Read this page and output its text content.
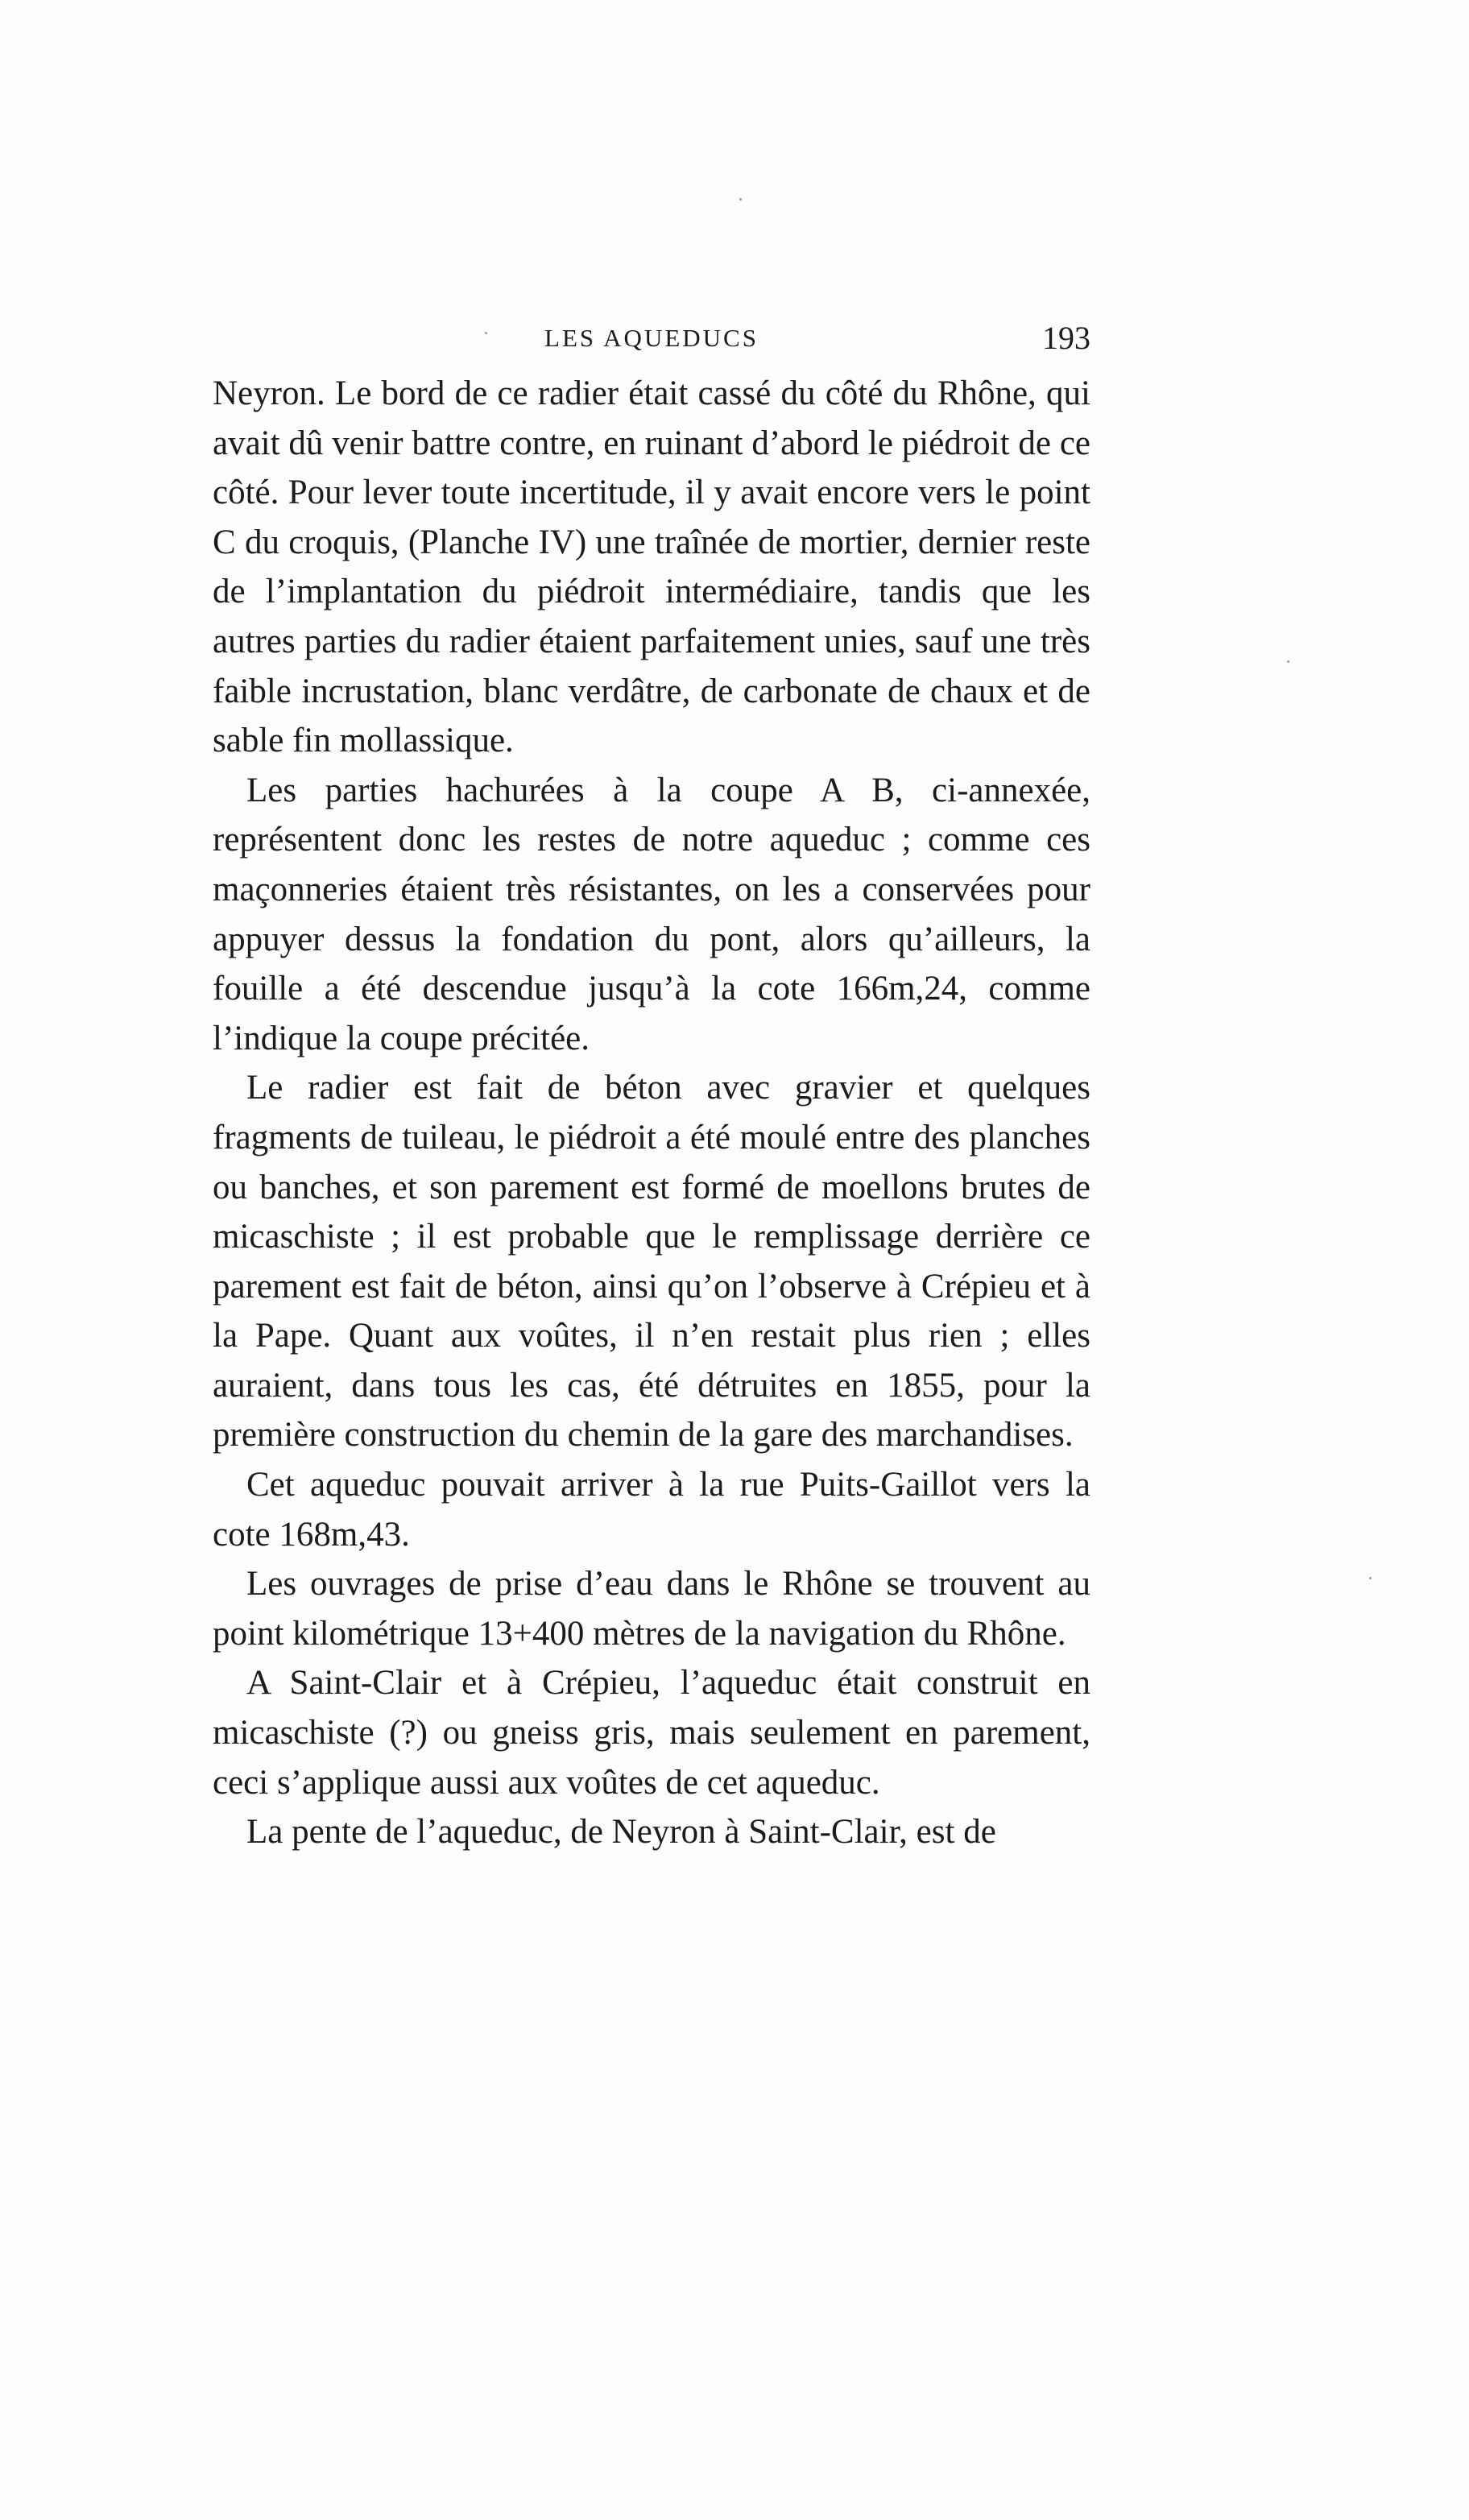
LES AQUEDUCS	193

Neyron. Le bord de ce radier était cassé du côté du Rhône, qui avait dû venir battre contre, en ruinant d’abord le piédroit de ce côté. Pour lever toute incertitude, il y avait encore vers le point C du croquis, (Planche IV) une traînée de mortier, dernier reste de l’implantation du piédroit intermédiaire, tandis que les autres parties du radier étaient parfaitement unies, sauf une très faible incrustation, blanc verdâtre, de carbonate de chaux et de sable fin mollassique.

Les parties hachurées à la coupe A B, ci-annexée, représentent donc les restes de notre aqueduc ; comme ces maçonneries étaient très résistantes, on les a conservées pour appuyer dessus la fondation du pont, alors qu’ailleurs, la fouille a été descendue jusqu’à la cote 166m,24, comme l’indique la coupe précitée.

Le radier est fait de béton avec gravier et quelques fragments de tuileau, le piédroit a été moulé entre des planches ou banches, et son parement est formé de moellons brutes de micaschiste ; il est probable que le remplissage derrière ce parement est fait de béton, ainsi qu’on l’observe à Crépieu et à la Pape. Quant aux voûtes, il n’en restait plus rien ; elles auraient, dans tous les cas, été détruites en 1855, pour la première construction du chemin de la gare des marchandises.

Cet aqueduc pouvait arriver à la rue Puits-Gaillot vers la cote 168m,43.

Les ouvrages de prise d’eau dans le Rhône se trouvent au point kilométrique 13+400 mètres de la navigation du Rhône.

A Saint-Clair et à Crépieu, l’aqueduc était construit en micaschiste (?) ou gneiss gris, mais seulement en parement, ceci s’applique aussi aux voûtes de cet aqueduc.

La pente de l’aqueduc, de Neyron à Saint-Clair, est de
